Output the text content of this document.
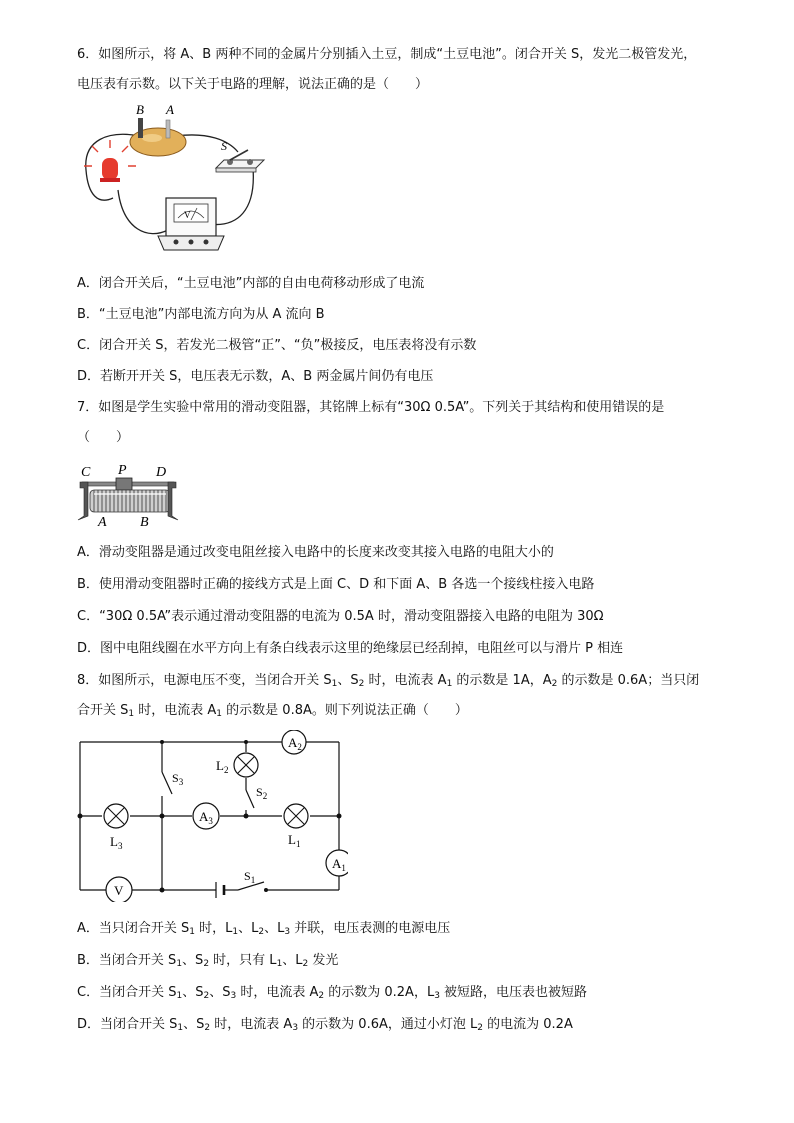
6．如图所示，将 A、B 两种不同的金属片分别插入土豆，制成“土豆电池”。闭合开关 S，发光二极管发光，
电压表有示数。以下关于电路的理解，说法正确的是（　　）
B A
S
V
A．闭合开关后，“土豆电池”内部的自由电荷移动形成了电流
B．“土豆电池”内部电流方向为从 A 流向 B
C．闭合开关 S，若发光二极管“正”、“负”极接反，电压表将没有示数
D．若断开开关 S，电压表无示数，A、B 两金属片间仍有电压
7．如图是学生实验中常用的滑动变阻器，其铭牌上标有“30Ω 0.5A”。下列关于其结构和使用错误的是
（　　）
C P D
A B
A．滑动变阻器是通过改变电阻丝接入电路中的长度来改变其接入电路的电阻大小的
B．使用滑动变阻器时正确的接线方式是上面 C、D 和下面 A、B 各选一个接线柱接入电路
C．“30Ω 0.5A”表示通过滑动变阻器的电流为 0.5A 时，滑动变阻器接入电路的电阻为 30Ω
D．图中电阻线圈在水平方向上有条白线表示这里的绝缘层已经刮掉，电阻丝可以与滑片 P 相连
8．如图所示，电源电压不变，当闭合开关 $S_1$、$S_2$ 时，电流表 $A_1$ 的示数是 1A，$A_2$ 的示数是 0.6A；当只闭
合开关 $S_1$ 时，电流表 $A_1$ 的示数是 0.8A。则下列说法正确（　　）
$A_2$
$L_2$
$S_3$
$S_2$
$L_3$
$A_3$
$L_1$
$A_1$
V
$S_1$
A．当只闭合开关 $S_1$ 时，$L_1$、$L_2$、$L_3$ 并联，电压表测的电源电压
B．当闭合开关 $S_1$、$S_2$ 时，只有 $L_1$、$L_2$ 发光
C．当闭合开关 $S_1$、$S_2$、$S_3$ 时，电流表 $A_2$ 的示数为 0.2A，$L_3$ 被短路，电压表也被短路
D．当闭合开关 $S_1$、$S_2$ 时，电流表 $A_3$ 的示数为 0.6A，通过小灯泡 $L_2$ 的电流为 0.2A
